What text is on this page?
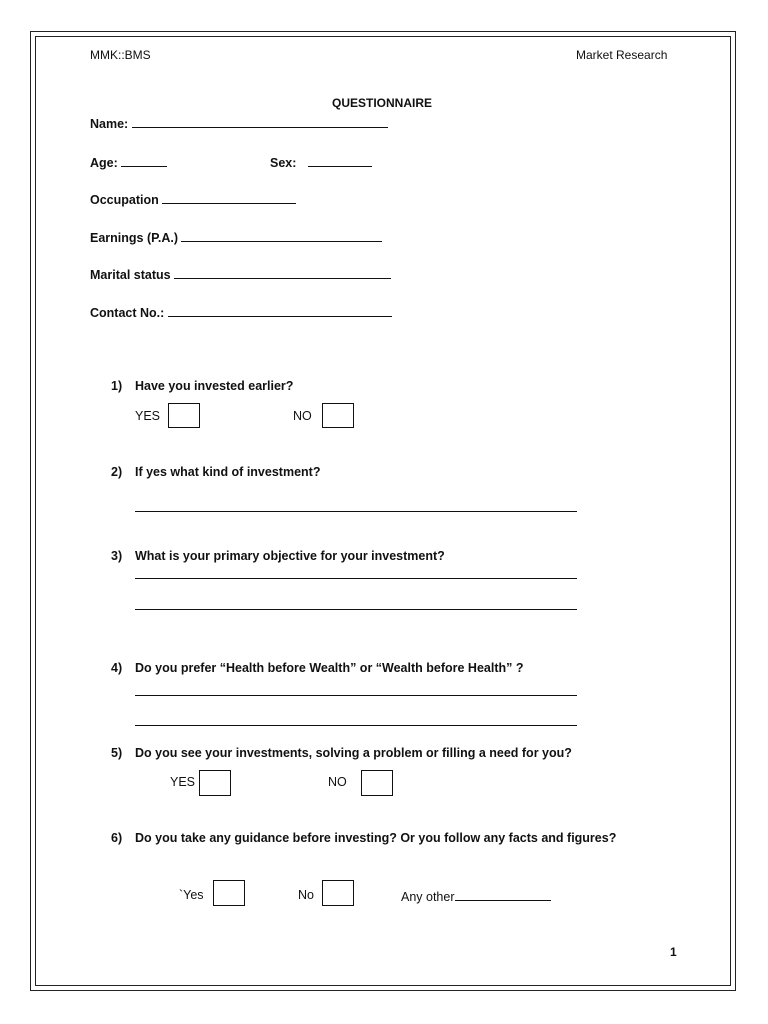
MMK::BMS	Market Research
QUESTIONNAIRE
Name:
Age:	Sex:
Occupation
Earnings (P.A.)
Marital status
Contact No.:
1) Have you invested earlier?
YES	NO
2) If yes what kind of investment?
3) What is your primary objective for your investment?
4) Do you prefer “Health before Wealth” or “Wealth before Health” ?
5) Do you see your investments, solving a problem or filling a need for you?
YES	NO
6) Do you take any guidance before investing? Or you follow any facts and figures?
`Yes	No	Any other
1
